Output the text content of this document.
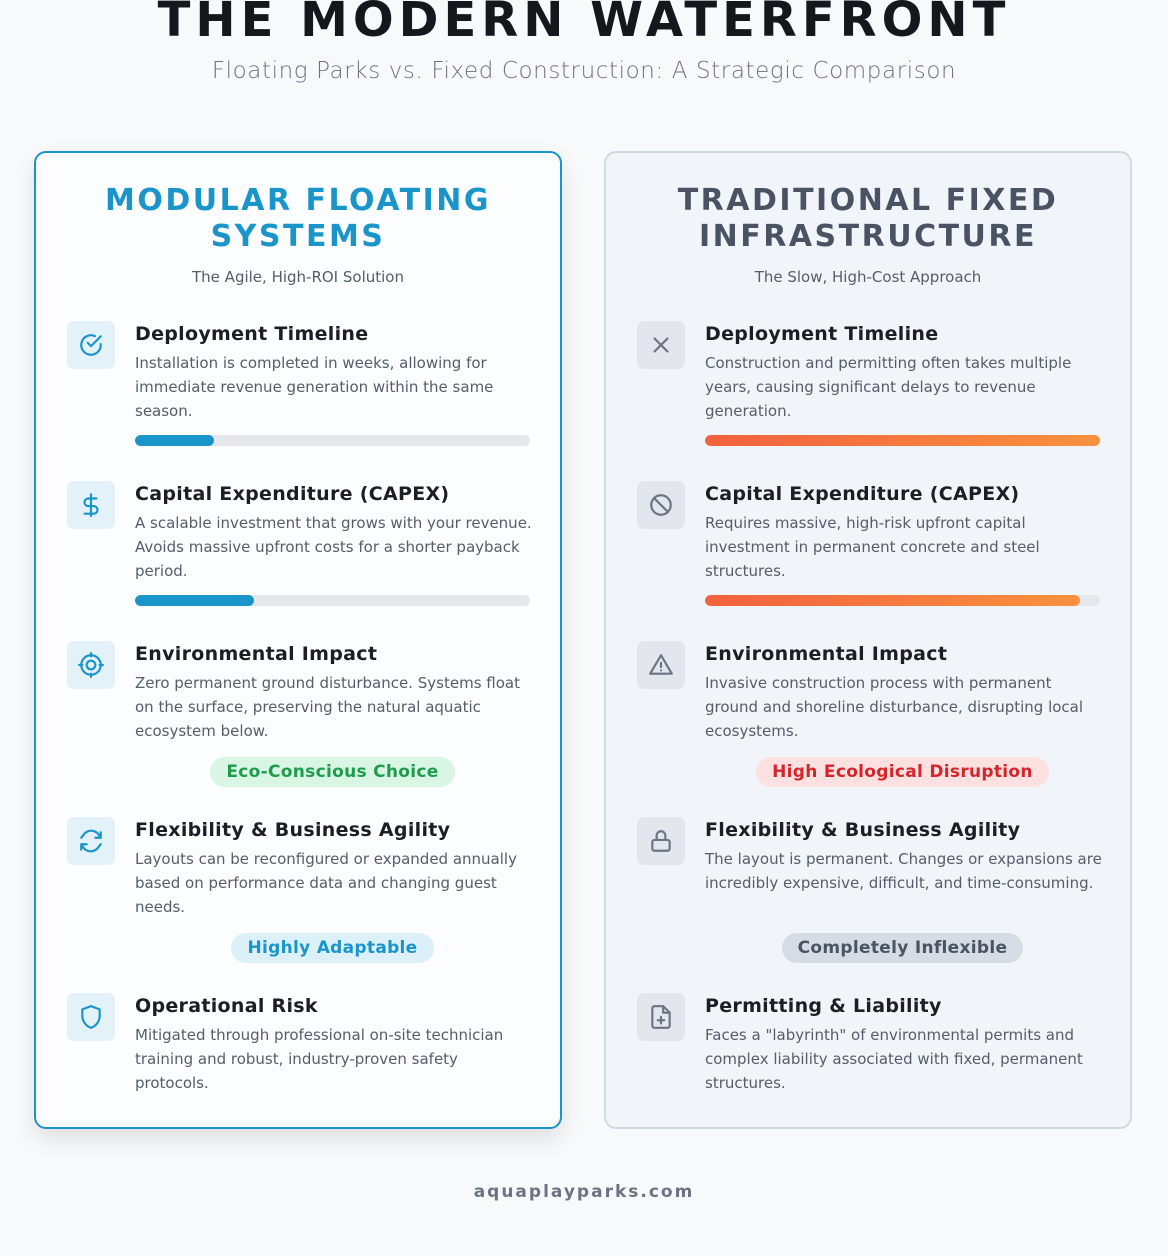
THE MODERN WATERFRONT

Floating Parks vs. Fixed Construction: A Strategic Comparison

MODULAR FLOATING SYSTEMS
The Agile, High-ROI Solution
Deployment Timeline

Installation is completed in weeks, allowing for immediate revenue generation within the same season.

Capital Expenditure (CAPEX)

A scalable investment that grows with your revenue. Avoids massive upfront costs for a shorter payback period.

Environmental Impact

Zero permanent ground disturbance. Systems float on the surface, preserving the natural aquatic ecosystem below.

Eco-Conscious Choice
Flexibility & Business Agility

Layouts can be reconfigured or expanded annually based on performance data and changing guest needs.

Highly Adaptable
Operational Risk

Mitigated through professional on-site technician training and robust, industry-proven safety protocols.

TRADITIONAL FIXED INFRASTRUCTURE
The Slow, High-Cost Approach
Deployment Timeline

Construction and permitting often takes multiple years, causing significant delays to revenue generation.

Capital Expenditure (CAPEX)

Requires massive, high-risk upfront capital investment in permanent concrete and steel structures.

Environmental Impact

Invasive construction process with permanent ground and shoreline disturbance, disrupting local ecosystems.

High Ecological Disruption
Flexibility & Business Agility

The layout is permanent. Changes or expansions are incredibly expensive, difficult, and time-consuming.

Completely Inflexible
Permitting & Liability

Faces a "labyrinth" of environmental permits and complex liability associated with fixed, permanent structures.

aquaplayparks.com
